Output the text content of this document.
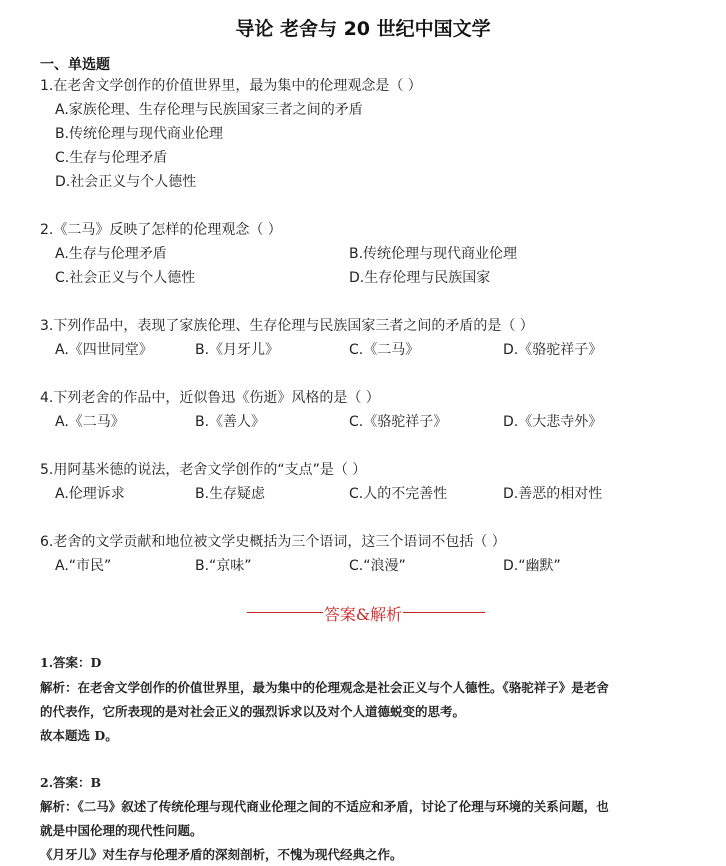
导论 老舍与 20 世纪中国文学
一、单选题
1.在老舍文学创作的价值世界里，最为集中的伦理观念是（ ）
A.家族伦理、生存伦理与民族国家三者之间的矛盾
B.传统伦理与现代商业伦理
C.生存与伦理矛盾
D.社会正义与个人德性
2.《二马》反映了怎样的伦理观念（ ）
A.生存与伦理矛盾	B.传统伦理与现代商业伦理
C.社会正义与个人德性	D.生存伦理与民族国家
3.下列作品中，表现了家族伦理、生存伦理与民族国家三者之间的矛盾的是（ ）
A.《四世同堂》	B.《月牙儿》	C.《二马》	D.《骆驼祥子》
4.下列老舍的作品中，近似鲁迅《伤逝》风格的是（ ）
A.《二马》	B.《善人》	C.《骆驼祥子》	D.《大悲寺外》
5.用阿基米德的说法，老舍文学创作的“支点”是（ ）
A.伦理诉求	B.生存疑虑	C.人的不完善性	D.善恶的相对性
6.老舍的文学贡献和地位被文学史概括为三个语词，这三个语词不包括（ ）
A.“市民”	B.“京味”	C.“浪漫”	D.“幽默”
答案&解析
1.答案：D
解析：在老舍文学创作的价值世界里，最为集中的伦理观念是社会正义与个人德性。《骆驼祥子》是老舍
的代表作，它所表现的是对社会正义的强烈诉求以及对个人道德蜕变的思考。
故本题选 D。
2.答案：B
解析：《二马》叙述了传统伦理与现代商业伦理之间的不适应和矛盾，讨论了伦理与环境的关系问题，也
就是中国伦理的现代性问题。
《月牙儿》对生存与伦理矛盾的深刻剖析，不愧为现代经典之作。
